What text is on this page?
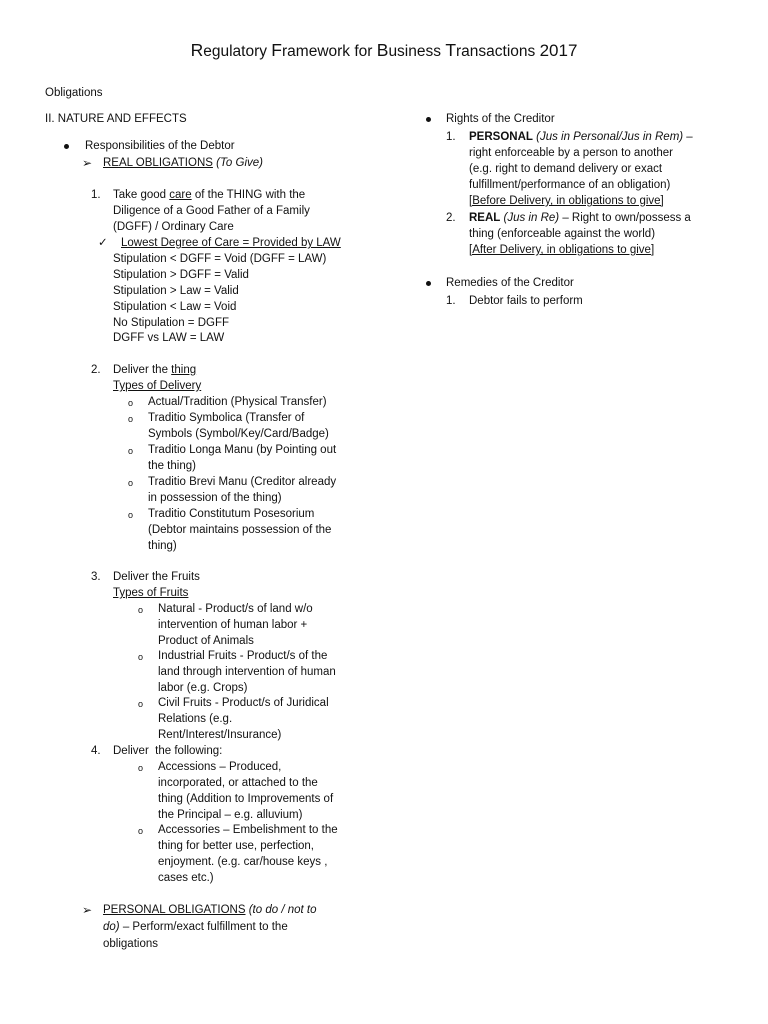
Regulatory Framework for Business Transactions 2017
Obligations
II. NATURE AND EFFECTS
Responsibilities of the Debtor
➢ REAL OBLIGATIONS (To Give)
1. Take good care of the THING with the
Diligence of a Good Father of a Family
(DGFF) / Ordinary Care
✓ Lowest Degree of Care = Provided by LAW
Stipulation < DGFF = Void (DGFF = LAW)
Stipulation > DGFF = Valid
Stipulation > Law = Valid
Stipulation < Law = Void
No Stipulation = DGFF
DGFF vs LAW = LAW
2. Deliver the thing
Types of Delivery
o Actual/Tradition (Physical Transfer)
o Traditio Symbolica (Transfer of
Symbols (Symbol/Key/Card/Badge)
o Traditio Longa Manu (by Pointing out
the thing)
o Traditio Brevi Manu (Creditor already
in possession of the thing)
o Traditio Constitutum Posesorium
(Debtor maintains possession of the
thing)
3. Deliver the Fruits
Types of Fruits
o Natural - Product/s of land w/o
intervention of human labor +
Product of Animals
o Industrial Fruits - Product/s of the
land through intervention of human
labor (e.g. Crops)
o Civil Fruits - Product/s of Juridical
Relations (e.g.
Rent/Interest/Insurance)
4. Deliver  the following:
o Accessions – Produced,
incorporated, or attached to the
thing (Addition to Improvements of
the Principal – e.g. alluvium)
o Accessories – Embelishment to the
thing for better use, perfection,
enjoyment. (e.g. car/house keys ,
cases etc.)
➢ PERSONAL OBLIGATIONS (to do / not to
do) – Perform/exact fulfillment to the
obligations
Rights of the Creditor
1. PERSONAL (Jus in Personal/Jus in Rem) –
right enforceable by a person to another
(e.g. right to demand delivery or exact
fulfillment/performance of an obligation)
[Before Delivery, in obligations to give]
2. REAL (Jus in Re) – Right to own/possess a
thing (enforceable against the world)
[After Delivery, in obligations to give]
Remedies of the Creditor
1. Debtor fails to perform
